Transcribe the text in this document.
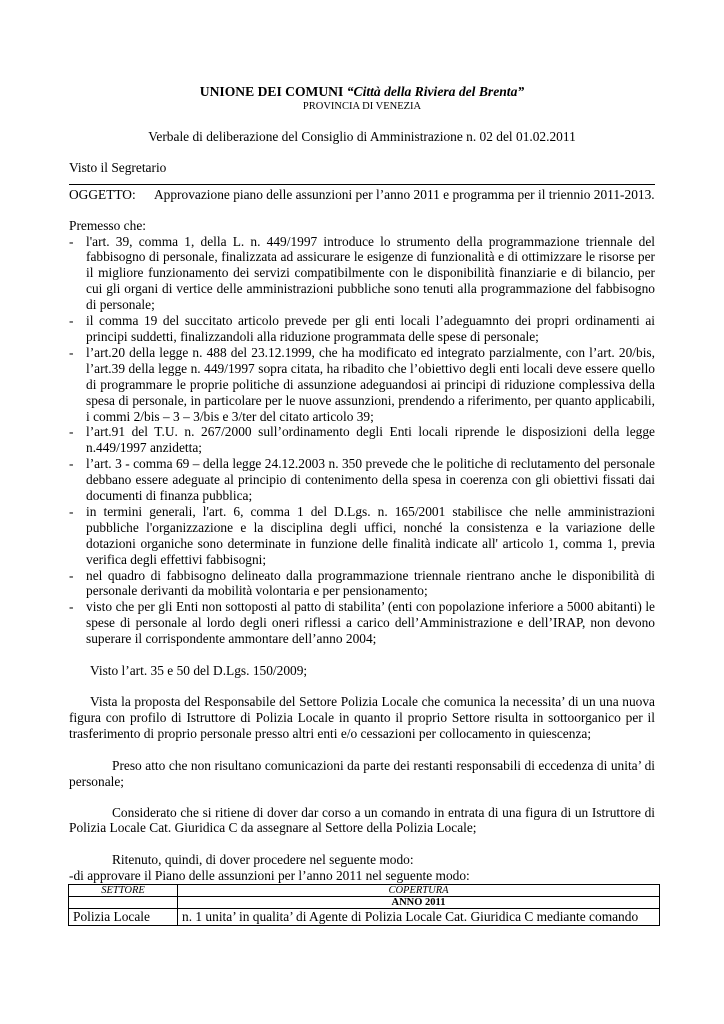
UNIONE DEI COMUNI “Città della Riviera del Brenta”
PROVINCIA DI VENEZIA
Verbale di deliberazione del Consiglio di Amministrazione n. 02 del 01.02.2011
Visto il Segretario
OGGETTO:	Approvazione piano delle assunzioni per l’anno 2011 e programma per il triennio 2011-2013.
Premesso che:
- l'art. 39, comma 1, della L. n. 449/1997 introduce lo strumento della programmazione triennale del fabbisogno di personale, finalizzata ad assicurare le esigenze di funzionalità e di ottimizzare le risorse per il migliore funzionamento dei servizi compatibilmente con le disponibilità finanziarie e di bilancio, per cui gli organi di vertice delle amministrazioni pubbliche sono tenuti alla programmazione del fabbisogno di personale;
- il comma 19 del succitato articolo prevede per gli enti locali l’adeguamnto dei propri ordinamenti ai principi suddetti, finalizzandoli alla riduzione programmata delle spese di personale;
- l’art.20 della legge n. 488 del 23.12.1999, che ha modificato ed integrato parzialmente, con l’art. 20/bis, l’art.39 della legge n. 449/1997 sopra citata, ha ribadito che l’obiettivo degli enti locali deve essere quello di programmare le proprie politiche di assunzione adeguandosi ai principi di riduzione complessiva della spesa di personale, in particolare per le nuove assunzioni, prendendo a riferimento, per quanto applicabili, i commi 2/bis – 3 – 3/bis e 3/ter del citato articolo 39;
- l’art.91 del T.U. n. 267/2000 sull’ordinamento degli Enti locali riprende le disposizioni della legge n.449/1997 anzidetta;
- l’art. 3 - comma 69 – della legge 24.12.2003 n. 350 prevede che le politiche di reclutamento del personale debbano essere adeguate al principio di contenimento della spesa in coerenza con gli obiettivi fissati dai documenti di finanza pubblica;
- in termini generali, l'art. 6, comma 1 del D.Lgs. n. 165/2001 stabilisce che nelle amministrazioni pubbliche l'organizzazione e la disciplina degli uffici, nonché la consistenza e la variazione delle dotazioni organiche sono determinate in funzione delle finalità indicate all' articolo 1, comma 1, previa verifica degli effettivi fabbisogni;
- nel quadro di fabbisogno delineato dalla programmazione triennale rientrano anche le disponibilità di personale derivanti da mobilità volontaria e per pensionamento;
- visto che per gli Enti non sottoposti al patto di stabilita’ (enti con popolazione inferiore a 5000 abitanti) le spese di personale al lordo degli oneri riflessi a carico dell’Amministrazione e dell’IRAP, non devono superare il corrispondente ammontare dell’anno 2004;
Visto l’art. 35 e 50 del D.Lgs. 150/2009;
Vista la proposta del Responsabile del Settore Polizia Locale che comunica la necessita’ di un una nuova figura con profilo di Istruttore di Polizia Locale in quanto il proprio Settore risulta in sottoorganico per il trasferimento di proprio personale presso altri enti e/o cessazioni per collocamento in quiescenza;
Preso atto che non risultano comunicazioni da parte dei restanti responsabili di eccedenza di unita’ di personale;
Considerato che si ritiene di dover dar corso a un comando in entrata di una figura di un Istruttore di Polizia Locale Cat. Giuridica C da assegnare al Settore della Polizia Locale;
Ritenuto, quindi, di dover procedere nel seguente modo:
-di approvare il Piano delle assunzioni per l’anno 2011 nel seguente modo:
SETTORE	COPERTURA
	ANNO 2011
Polizia Locale	n. 1 unita’ in qualita’ di Agente di Polizia Locale Cat. Giuridica C mediante comando
